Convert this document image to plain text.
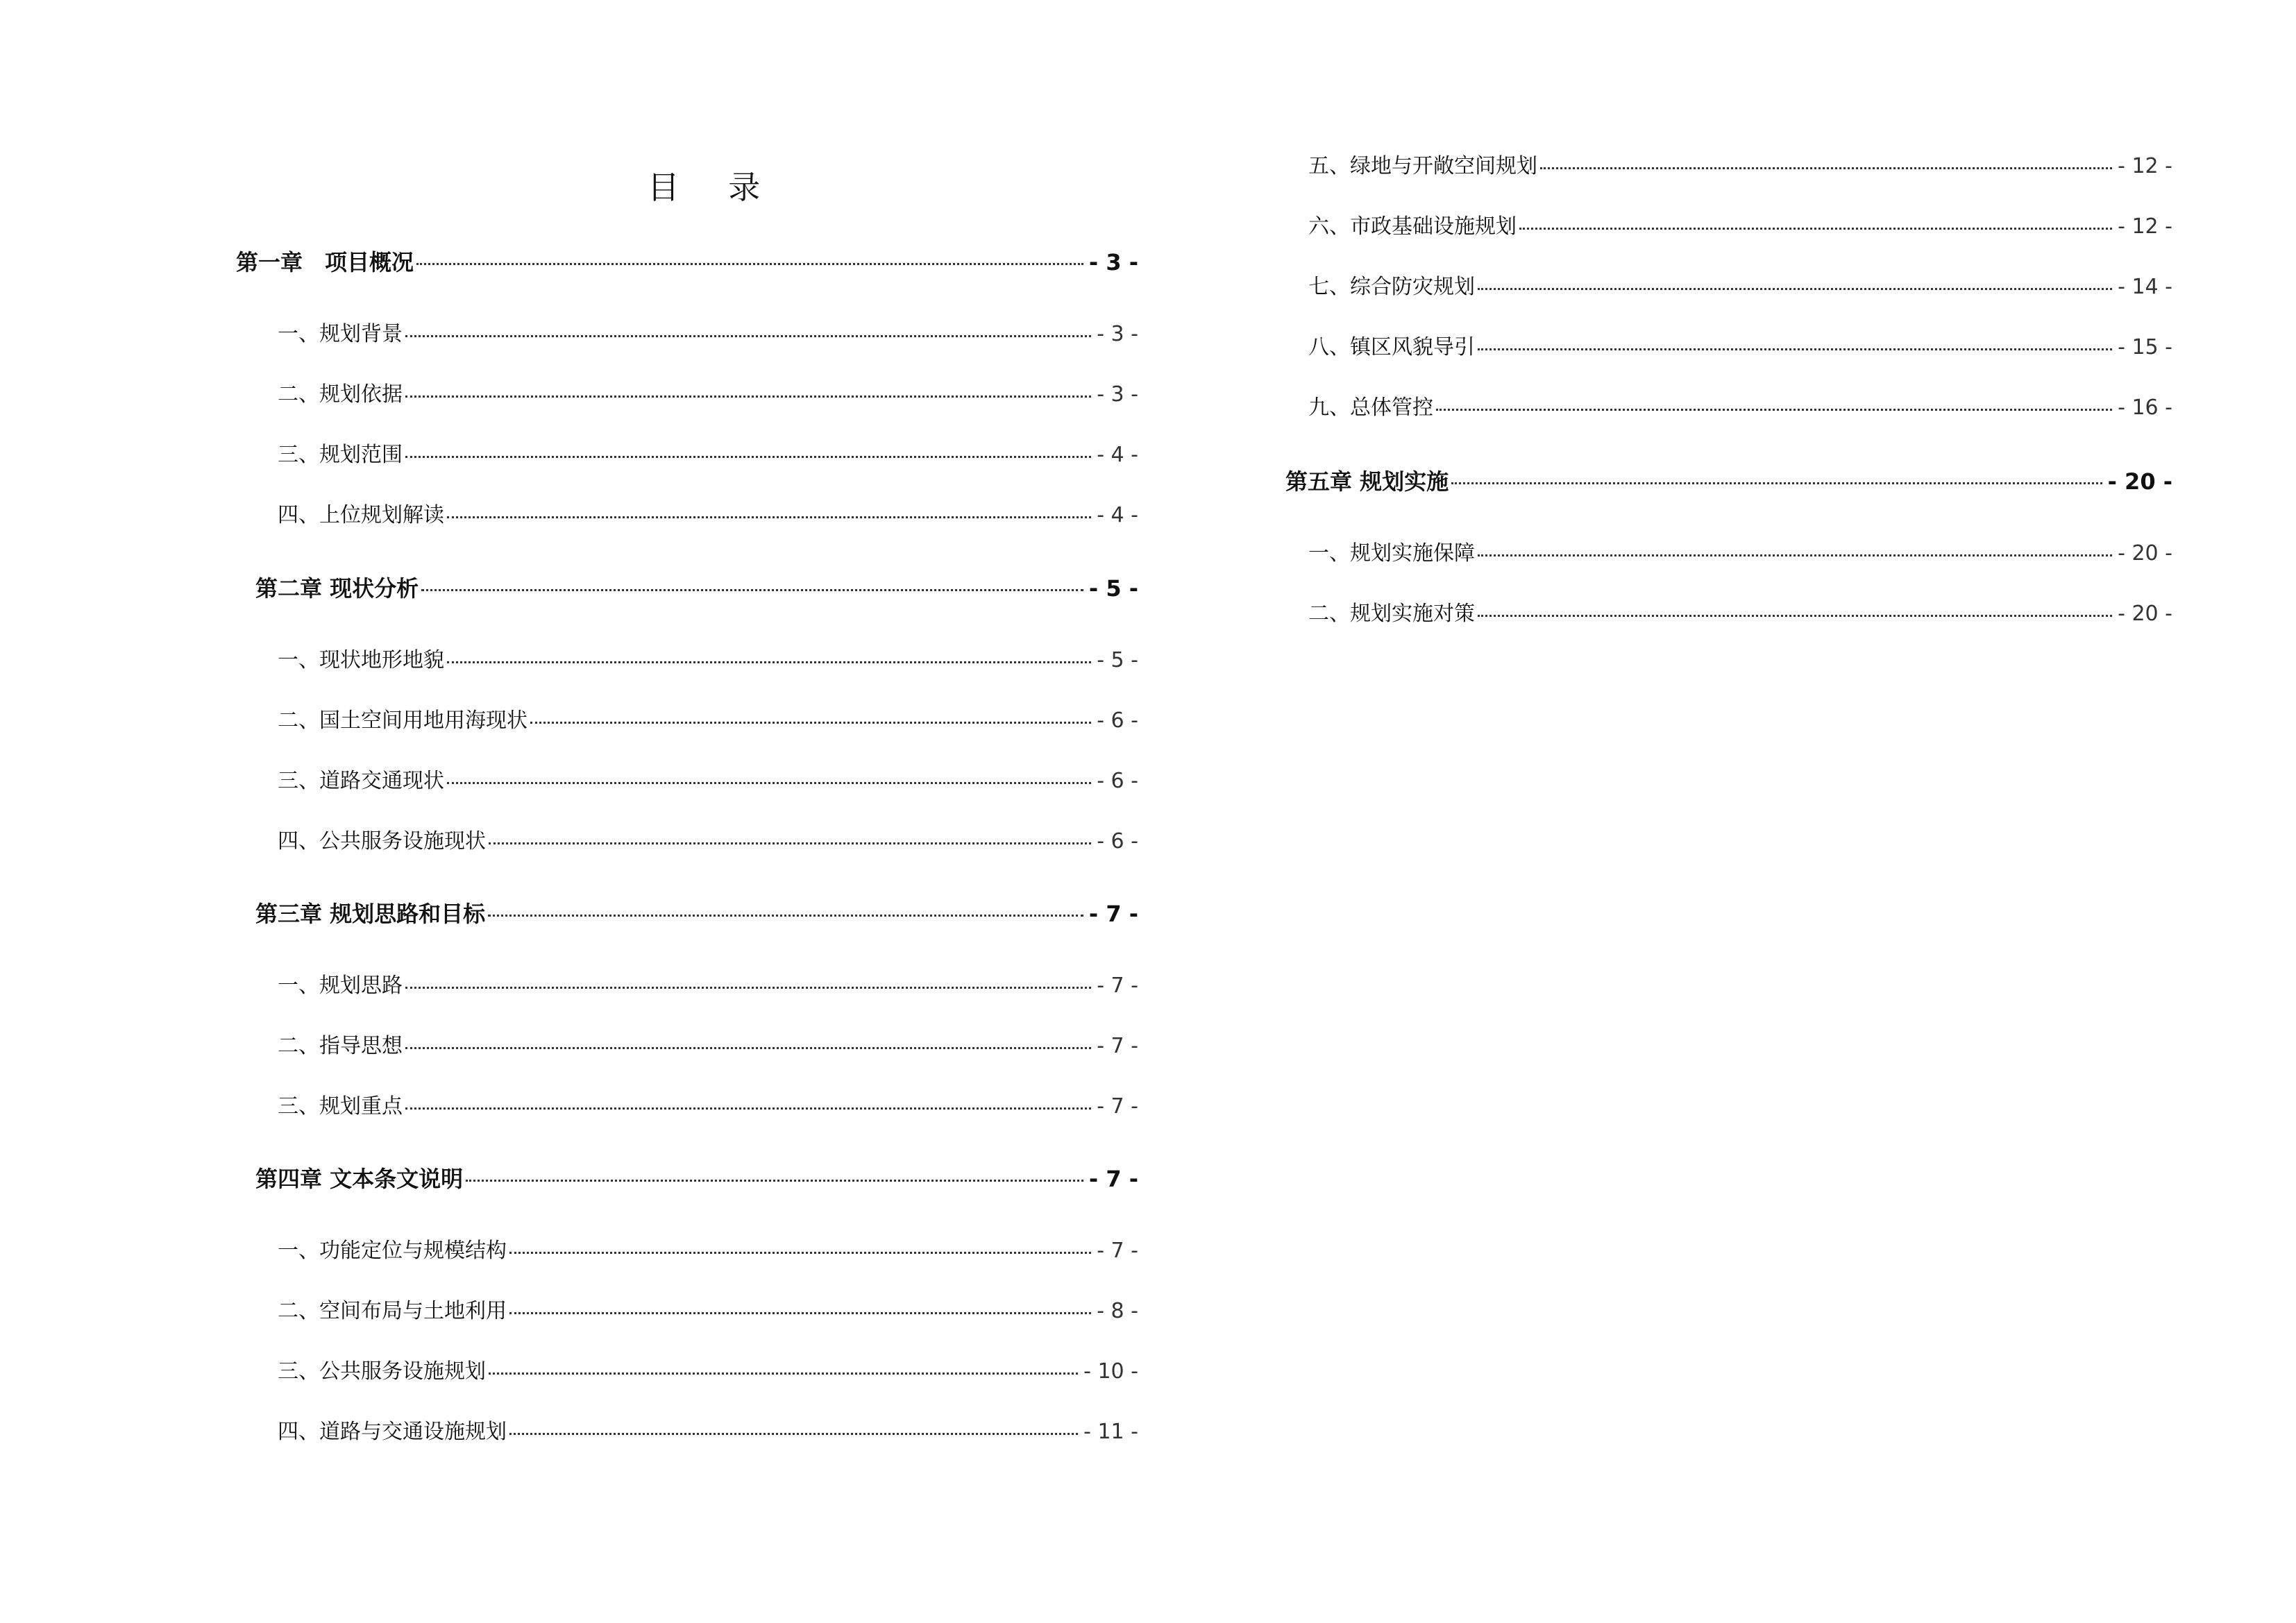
目 录
第一章　项目概况	- 3 -
一、规划背景	- 3 -
二、规划依据	- 3 -
三、规划范围	- 4 -
四、上位规划解读	- 4 -
第二章 现状分析	- 5 -
一、现状地形地貌	- 5 -
二、国土空间用地用海现状	- 6 -
三、道路交通现状	- 6 -
四、公共服务设施现状	- 6 -
第三章 规划思路和目标	- 7 -
一、规划思路	- 7 -
二、指导思想	- 7 -
三、规划重点	- 7 -
第四章 文本条文说明	- 7 -
一、功能定位与规模结构	- 7 -
二、空间布局与土地利用	- 8 -
三、公共服务设施规划	- 10 -
四、道路与交通设施规划	- 11 -
五、绿地与开敞空间规划	- 12 -
六、市政基础设施规划	- 12 -
七、综合防灾规划	- 14 -
八、镇区风貌导引	- 15 -
九、总体管控	- 16 -
第五章 规划实施	- 20 -
一、规划实施保障	- 20 -
二、规划实施对策	- 20 -
